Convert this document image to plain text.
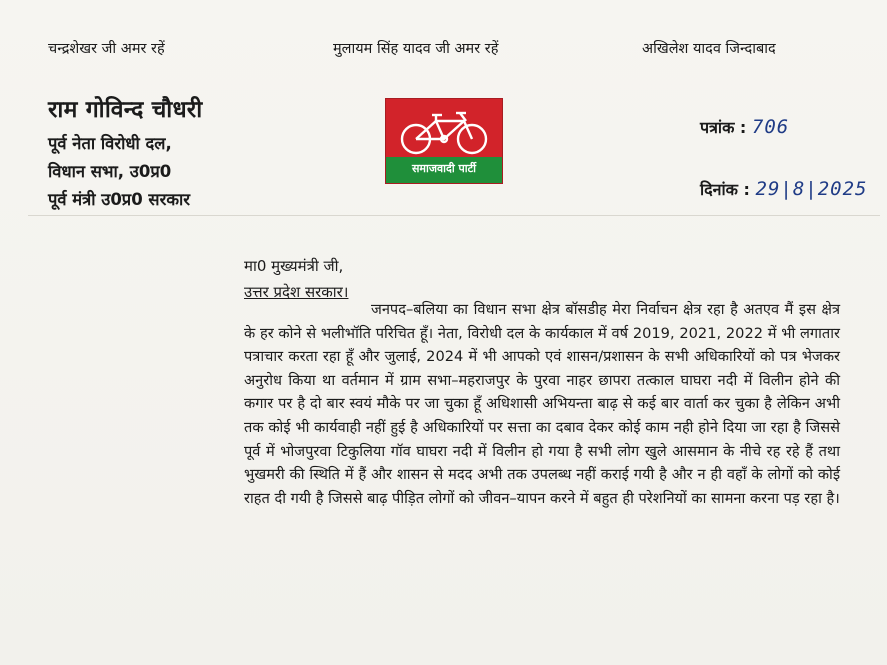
चन्द्रशेखर जी अमर रहें	मुलायम सिंह यादव जी अमर रहें	अखिलेश यादव जिन्दाबाद
राम गोविन्द चौधरी
पूर्व नेता विरोधी दल,
विधान सभा, उ0प्र0
पूर्व मंत्री उ0प्र0 सरकार
समाजवादी पार्टी
पत्रांक : 706
दिनांक : 29|8|2025
मा0 मुख्यमंत्री जी,
उत्तर प्रदेश सरकार।

जनपद–बलिया का विधान सभा क्षेत्र बॉसडीह मेरा निर्वाचन क्षेत्र रहा है अतएव मैं इस क्षेत्र के हर कोने से भलीभॉति परिचित हूँ। नेता, विरोधी दल के कार्यकाल में वर्ष 2019, 2021, 2022 में भी लगातार पत्राचार करता रहा हूँ और जुलाई, 2024 में भी आपको एवं शासन/प्रशासन के सभी अधिकारियों को पत्र भेजकर अनुरोध किया था वर्तमान में ग्राम सभा–महराजपुर के पुरवा नाहर छापरा तत्काल घाघरा नदी में विलीन होने की कगार पर है दो बार स्वयं मौके पर जा चुका हूँ अधिशासी अभियन्ता बाढ़ से कई बार वार्ता कर चुका है लेकिन अभी तक कोई भी कार्यवाही नहीं हुई है अधिकारियों पर सत्ता का दबाव देकर कोई काम नही होने दिया जा रहा है जिससे पूर्व में भोजपुरवा टिकुलिया गॉव घाघरा नदी में विलीन हो गया है सभी लोग खुले आसमान के नीचे रह रहे हैं तथा भुखमरी की स्थिति में हैं और शासन से मदद अभी तक उपलब्ध नहीं कराई गयी है और न ही वहॉं के लोगों को कोई राहत दी गयी है जिससे बाढ़ पीड़ित लोगों को जीवन–यापन करने में बहुत ही परेशनियों का सामना करना पड़ रहा है।
